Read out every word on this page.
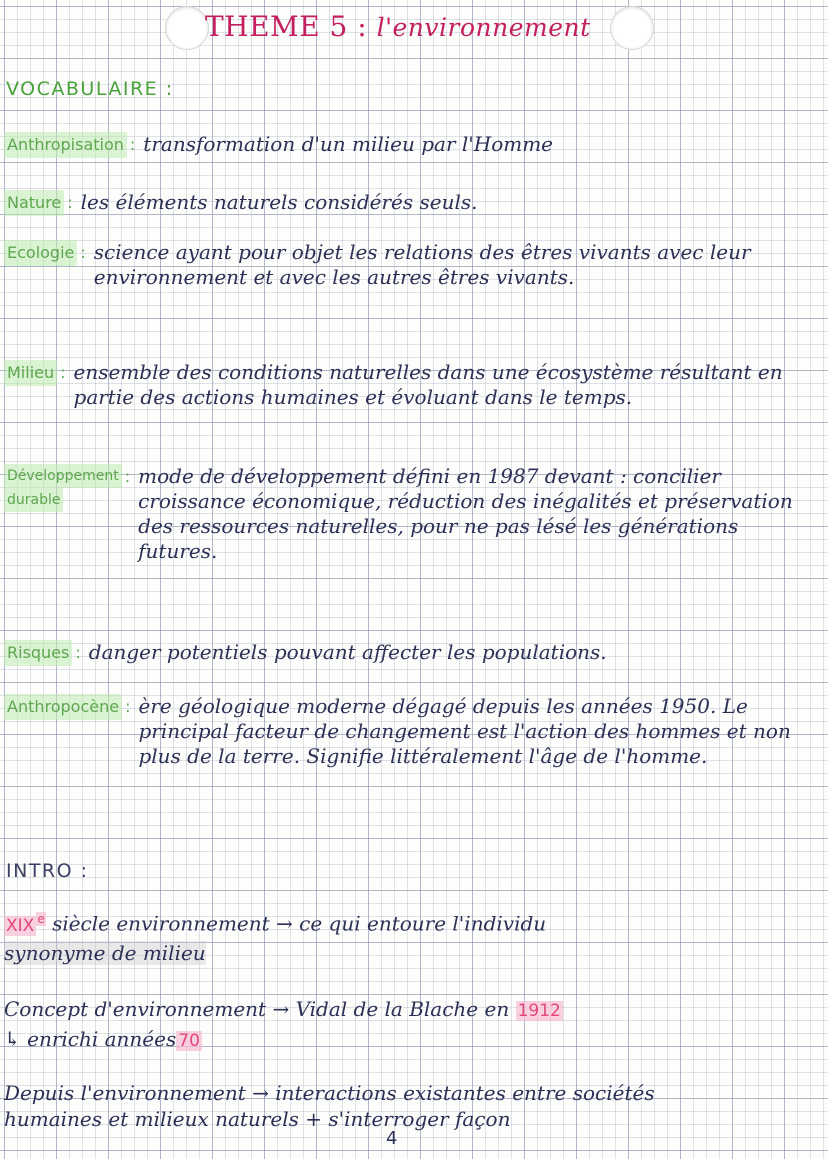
THEME 5 : l'environnement
VOCABULAIRE :
Anthropisation : transformation d'un milieu par l'Homme
Nature : les éléments naturels considérés seuls.
Ecologie : science ayant pour objet les relations des êtres vivants avec leur environnement et avec les autres êtres vivants.
Milieu : ensemble des conditions naturelles dans une écosystème résultant en partie des actions humaines et évoluant dans le temps.
Développement
durable
: mode de développement défini en 1987 devant : concilier croissance économique, réduction des inégalités et préservation des ressources naturelles, pour ne pas lésé les générations futures.
Risques : danger potentiels pouvant affecter les populations.
Anthropocène : ère géologique moderne dégagé depuis les années 1950. Le principal facteur de changement est l'action des hommes et non plus de la terre. Signifie littéralement l'âge de l'homme.
INTRO :
XIX $^e$ siècle environnement → ce qui entoure l'individu
synonyme de milieu
Concept d'environnement → Vidal de la Blache en 1912
↳ enrichi années 70
Depuis l'environnement → interactions existantes entre sociétés
humaines et milieux naturels + s'interroger façon
4
